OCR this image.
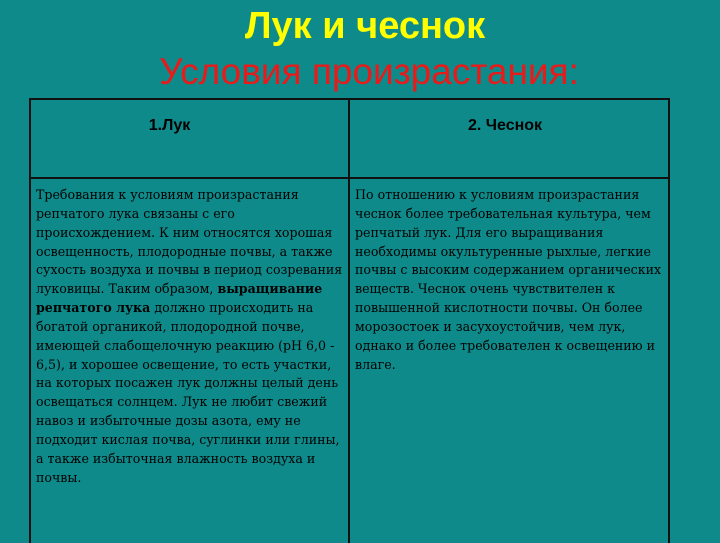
Лук и чеснок
Условия произрастания:
1.Лук	2. Чеснок

Требования к условиям произрастания репчатого лука связаны с его происхождением. К ним относятся хорошая освещенность, плодородные почвы, а также сухость воздуха и почвы в период созревания луковицы. Таким образом, выращивание репчатого лука должно происходить на богатой органикой, плодородной почве, имеющей слабощелочную реакцию (рН 6,0 - 6,5), и хорошее освещение, то есть участки, на которых посажен лук должны целый день освещаться солнцем. Лук не любит свежий навоз и избыточные дозы азота, ему не подходит кислая почва, суглинки или глины, а также избыточная влажность воздуха и почвы.

По отношению к условиям произрастания чеснок более требовательная культура, чем репчатый лук. Для его выращивания необходимы окультуренные рыхлые, легкие почвы с высоким содержанием органических веществ. Чеснок очень чувствителен к повышенной кислотности почвы. Он более морозостоек и засухоустойчив, чем лук, однако и более требователен к освещению и влаге.
